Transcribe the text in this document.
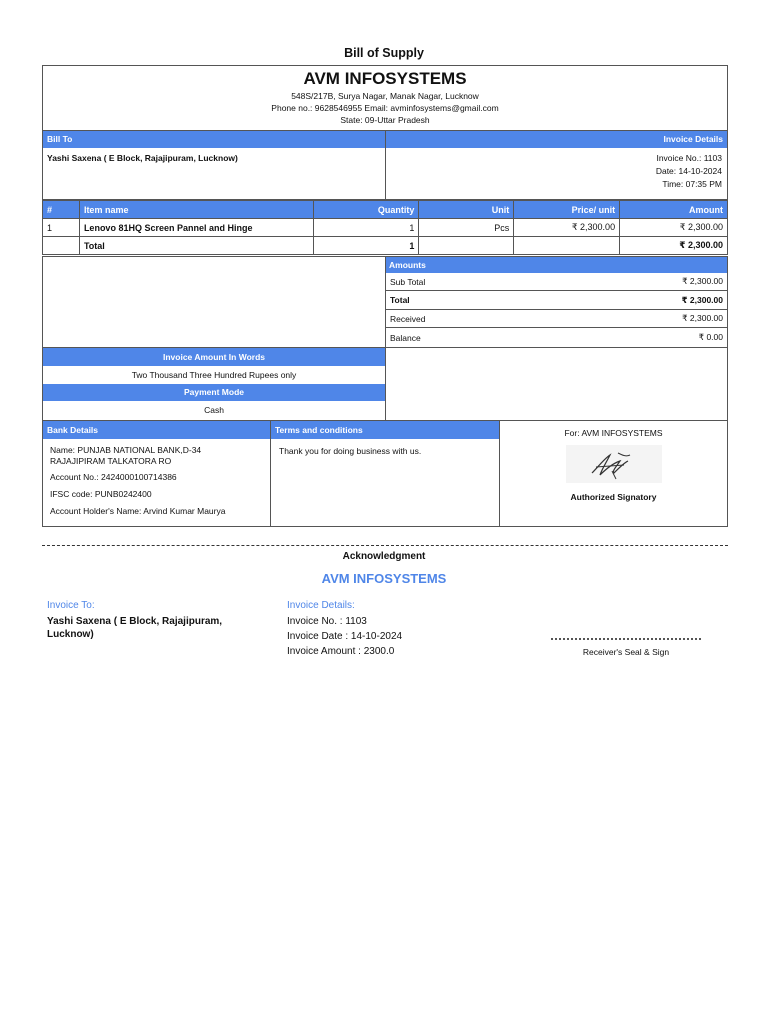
Bill of Supply
AVM INFOSYSTEMS
548S/217B, Surya Nagar, Manak Nagar, Lucknow
Phone no.: 9628546955 Email: avminfosystems@gmail.com
State: 09-Uttar Pradesh
Bill To
Yashi Saxena ( E Block, Rajajipuram, Lucknow)
Invoice Details
Invoice No.: 1103
Date: 14-10-2024
Time: 07:35 PM
#	Item name	Quantity	Unit	Price/ unit	Amount
1	Lenovo 81HQ Screen Pannel and Hinge	1	Pcs	₹ 2,300.00	₹ 2,300.00
	Total	1			₹ 2,300.00
Amounts
Sub Total	₹ 2,300.00
Total	₹ 2,300.00
Received	₹ 2,300.00
Balance	₹ 0.00
Invoice Amount In Words
Two Thousand Three Hundred Rupees only
Payment Mode
Cash
Bank Details
Name: PUNJAB NATIONAL BANK,D-34
RAJAJIPIRAM TALKATORA RO
Account No.: 2424000100714386
IFSC code: PUNB0242400
Account Holder's Name: Arvind Kumar Maurya
Terms and conditions
Thank you for doing business with us.
For: AVM INFOSYSTEMS
Authorized Signatory
Acknowledgment
AVM INFOSYSTEMS
Invoice To:
Yashi Saxena ( E Block, Rajajipuram,
Lucknow)
Invoice Details:
Invoice No. : 1103
Invoice Date : 14-10-2024
Invoice Amount : 2300.0	Receiver's Seal & Sign
